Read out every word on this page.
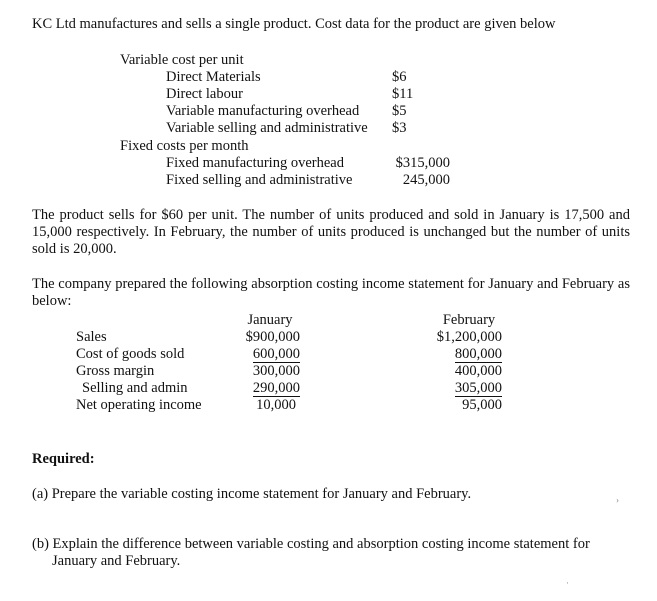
KC Ltd manufactures and sells a single product. Cost data for the product are given below
Variable cost per unit
Direct Materials	$6
Direct labour	$11
Variable manufacturing overhead $5
Variable selling and administrative $3
Fixed costs per month
Fixed manufacturing overhead	$315,000
Fixed selling and administrative	245,000
The product sells for $60 per unit. The number of units produced and sold in January is 17,500 and 15,000 respectively. In February, the number of units produced is unchanged but the number of units sold is 20,000.
The company prepared the following absorption costing income statement for January and February as below:
January	February
Sales	$900,000	$1,200,000
Cost of goods sold	600,000	800,000
Gross margin	300,000	400,000
Selling and admin	290,000	305,000
Net operating income	10,000	95,000
Required:
(a) Prepare the variable costing income statement for January and February.
(b) Explain the difference between variable costing and absorption costing income statement for January and February.
›
·
